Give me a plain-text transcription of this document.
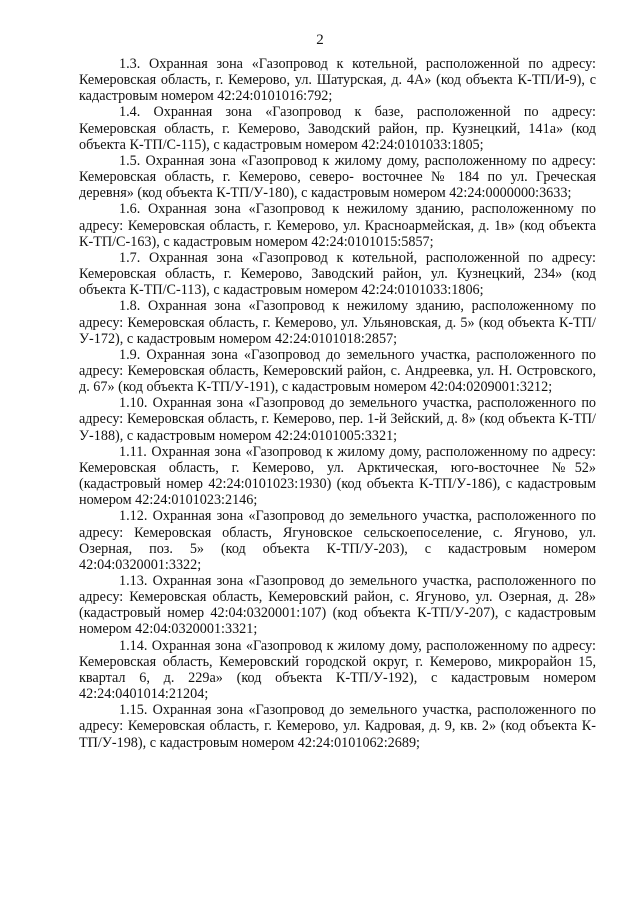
2

1.3. Охранная зона «Газопровод к котельной, расположенной по адресу: Кемеровская область, г. Кемерово, ул. Шатурская, д. 4А» (код объекта К-ТП/И-9), с кадастровым номером 42:24:0101016:792;

1.4. Охранная зона «Газопровод к базе, расположенной по адресу: Кемеровская область, г. Кемерово, Заводский район, пр. Кузнецкий, 141а» (код объекта К-ТП/С-115), с кадастровым номером 42:24:0101033:1805;

1.5. Охранная зона «Газопровод к жилому дому, расположенному по адресу: Кемеровская область, г. Кемерово, северо- восточнее № 184 по ул. Греческая деревня» (код объекта К-ТП/У-180), с кадастровым номером 42:24:0000000:3633;

1.6. Охранная зона «Газопровод к нежилому зданию, расположенному по адресу: Кемеровская область, г. Кемерово, ул. Красноармейская, д. 1в» (код объекта К-ТП/С-163), с кадастровым номером 42:24:0101015:5857;

1.7. Охранная зона «Газопровод к котельной, расположенной по адресу: Кемеровская область, г. Кемерово, Заводский район, ул. Кузнецкий, 234» (код объекта К-ТП/С-113), с кадастровым номером 42:24:0101033:1806;

1.8. Охранная зона «Газопровод к нежилому зданию, расположенному по адресу: Кемеровская область, г. Кемерово, ул. Ульяновская, д. 5» (код объекта К-ТП/У-172), с кадастровым номером 42:24:0101018:2857;

1.9. Охранная зона «Газопровод до земельного участка, расположенного по адресу: Кемеровская область, Кемеровский район, с. Андреевка, ул. Н. Островского, д. 67» (код объекта К-ТП/У-191), с кадастровым номером 42:04:0209001:3212;

1.10. Охранная зона «Газопровод до земельного участка, расположенного по адресу: Кемеровская область, г. Кемерово, пер. 1-й Зейский, д. 8» (код объекта К-ТП/У-188), с кадастровым номером 42:24:0101005:3321;

1.11. Охранная зона «Газопровод к жилому дому, расположенному по адресу: Кемеровская область, г. Кемерово, ул. Арктическая, юго-восточнее №52» (кадастровый номер 42:24:0101023:1930) (код объекта К-ТП/У-186), с кадастровым номером 42:24:0101023:2146;

1.12. Охранная зона «Газопровод до земельного участка, расположенного по адресу: Кемеровская область, Ягуновское сельскоепоселение, с. Ягуново, ул. Озерная, поз. 5» (код объекта К-ТП/У-203), с кадастровым номером 42:04:0320001:3322;

1.13. Охранная зона «Газопровод до земельного участка, расположенного по адресу: Кемеровская область, Кемеровский район, с. Ягуново, ул. Озерная, д. 28» (кадастровый номер 42:04:0320001:107) (код объекта К-ТП/У-207), с кадастровым номером 42:04:0320001:3321;

1.14. Охранная зона «Газопровод к жилому дому, расположенному по адресу: Кемеровская область, Кемеровский городской округ, г. Кемерово, микрорайон 15, квартал 6, д. 229а» (код объекта К-ТП/У-192), с кадастровым номером 42:24:0401014:21204;

1.15. Охранная зона «Газопровод до земельного участка, расположенного по адресу: Кемеровская область, г. Кемерово, ул. Кадровая, д. 9, кв. 2» (код объекта К-ТП/У-198), с кадастровым номером 42:24:0101062:2689;
